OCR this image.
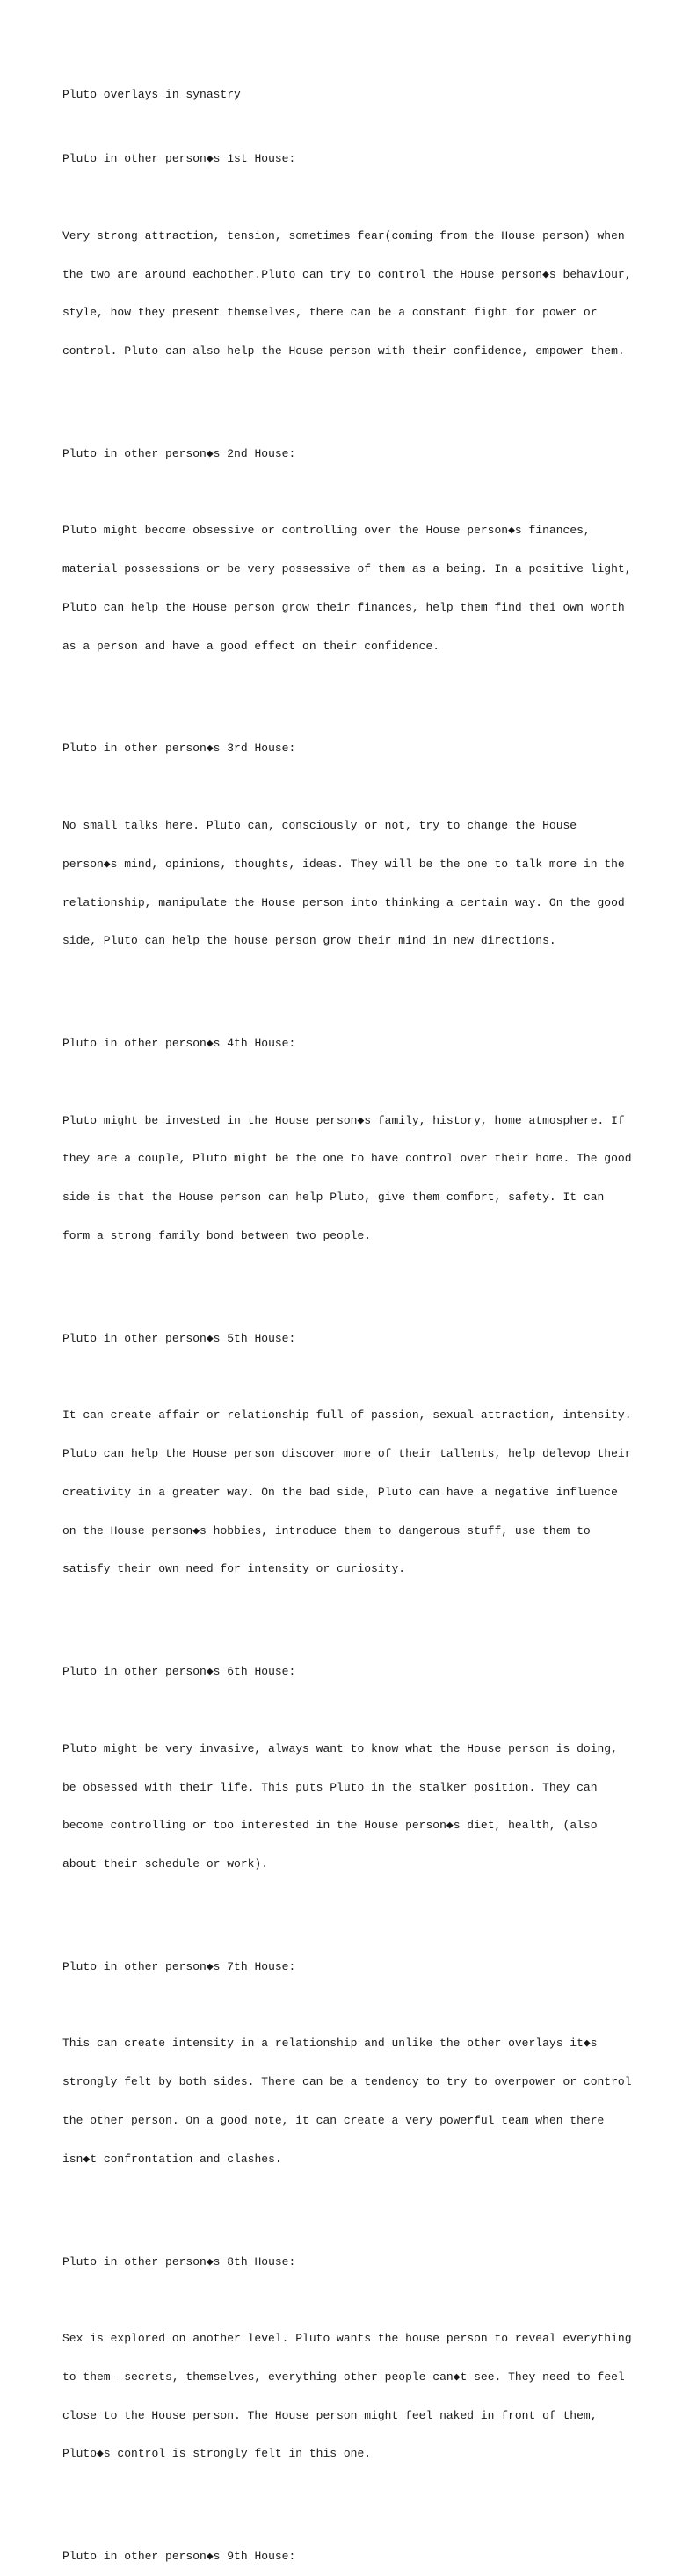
Pluto overlays in synastry

Pluto in other person◆s 1st House:

Very strong attraction, tension, sometimes fear(coming from the House person) when

the two are around eachother.Pluto can try to control the House person◆s behaviour,

style, how they present themselves, there can be a constant fight for power or

control. Pluto can also help the House person with their confidence, empower them.

Pluto in other person◆s 2nd House:

Pluto might become obsessive or controlling over the House person◆s finances,

material possessions or be very possessive of them as a being. In a positive light,

Pluto can help the House person grow their finances, help them find thei own worth

as a person and have a good effect on their confidence.

Pluto in other person◆s 3rd House:

No small talks here. Pluto can, consciously or not, try to change the House

person◆s mind, opinions, thoughts, ideas. They will be the one to talk more in the

relationship, manipulate the House person into thinking a certain way. On the good

side, Pluto can help the house person grow their mind in new directions.

Pluto in other person◆s 4th House:

Pluto might be invested in the House person◆s family, history, home atmosphere. If

they are a couple, Pluto might be the one to have control over their home. The good

side is that the House person can help Pluto, give them comfort, safety. It can

form a strong family bond between two people.

Pluto in other person◆s 5th House:

It can create affair or relationship full of passion, sexual attraction, intensity.

Pluto can help the House person discover more of their tallents, help delevop their

creativity in a greater way. On the bad side, Pluto can have a negative influence

on the House person◆s hobbies, introduce them to dangerous stuff, use them to

satisfy their own need for intensity or curiosity.

Pluto in other person◆s 6th House:

Pluto might be very invasive, always want to know what the House person is doing,

be obsessed with their life. This puts Pluto in the stalker position. They can

become controlling or too interested in the House person◆s diet, health, (also

about their schedule or work).

Pluto in other person◆s 7th House:

This can create intensity in a relationship and unlike the other overlays it◆s

strongly felt by both sides. There can be a tendency to try to overpower or control

the other person. On a good note, it can create a very powerful team when there

isn◆t confrontation and clashes.

Pluto in other person◆s 8th House:

Sex is explored on another level. Pluto wants the house person to reveal everything

to them- secrets, themselves, everything other people can◆t see. They need to feel

close to the House person. The House person might feel naked in front of them,

Pluto◆s control is strongly felt in this one.

Pluto in other person◆s 9th House:
